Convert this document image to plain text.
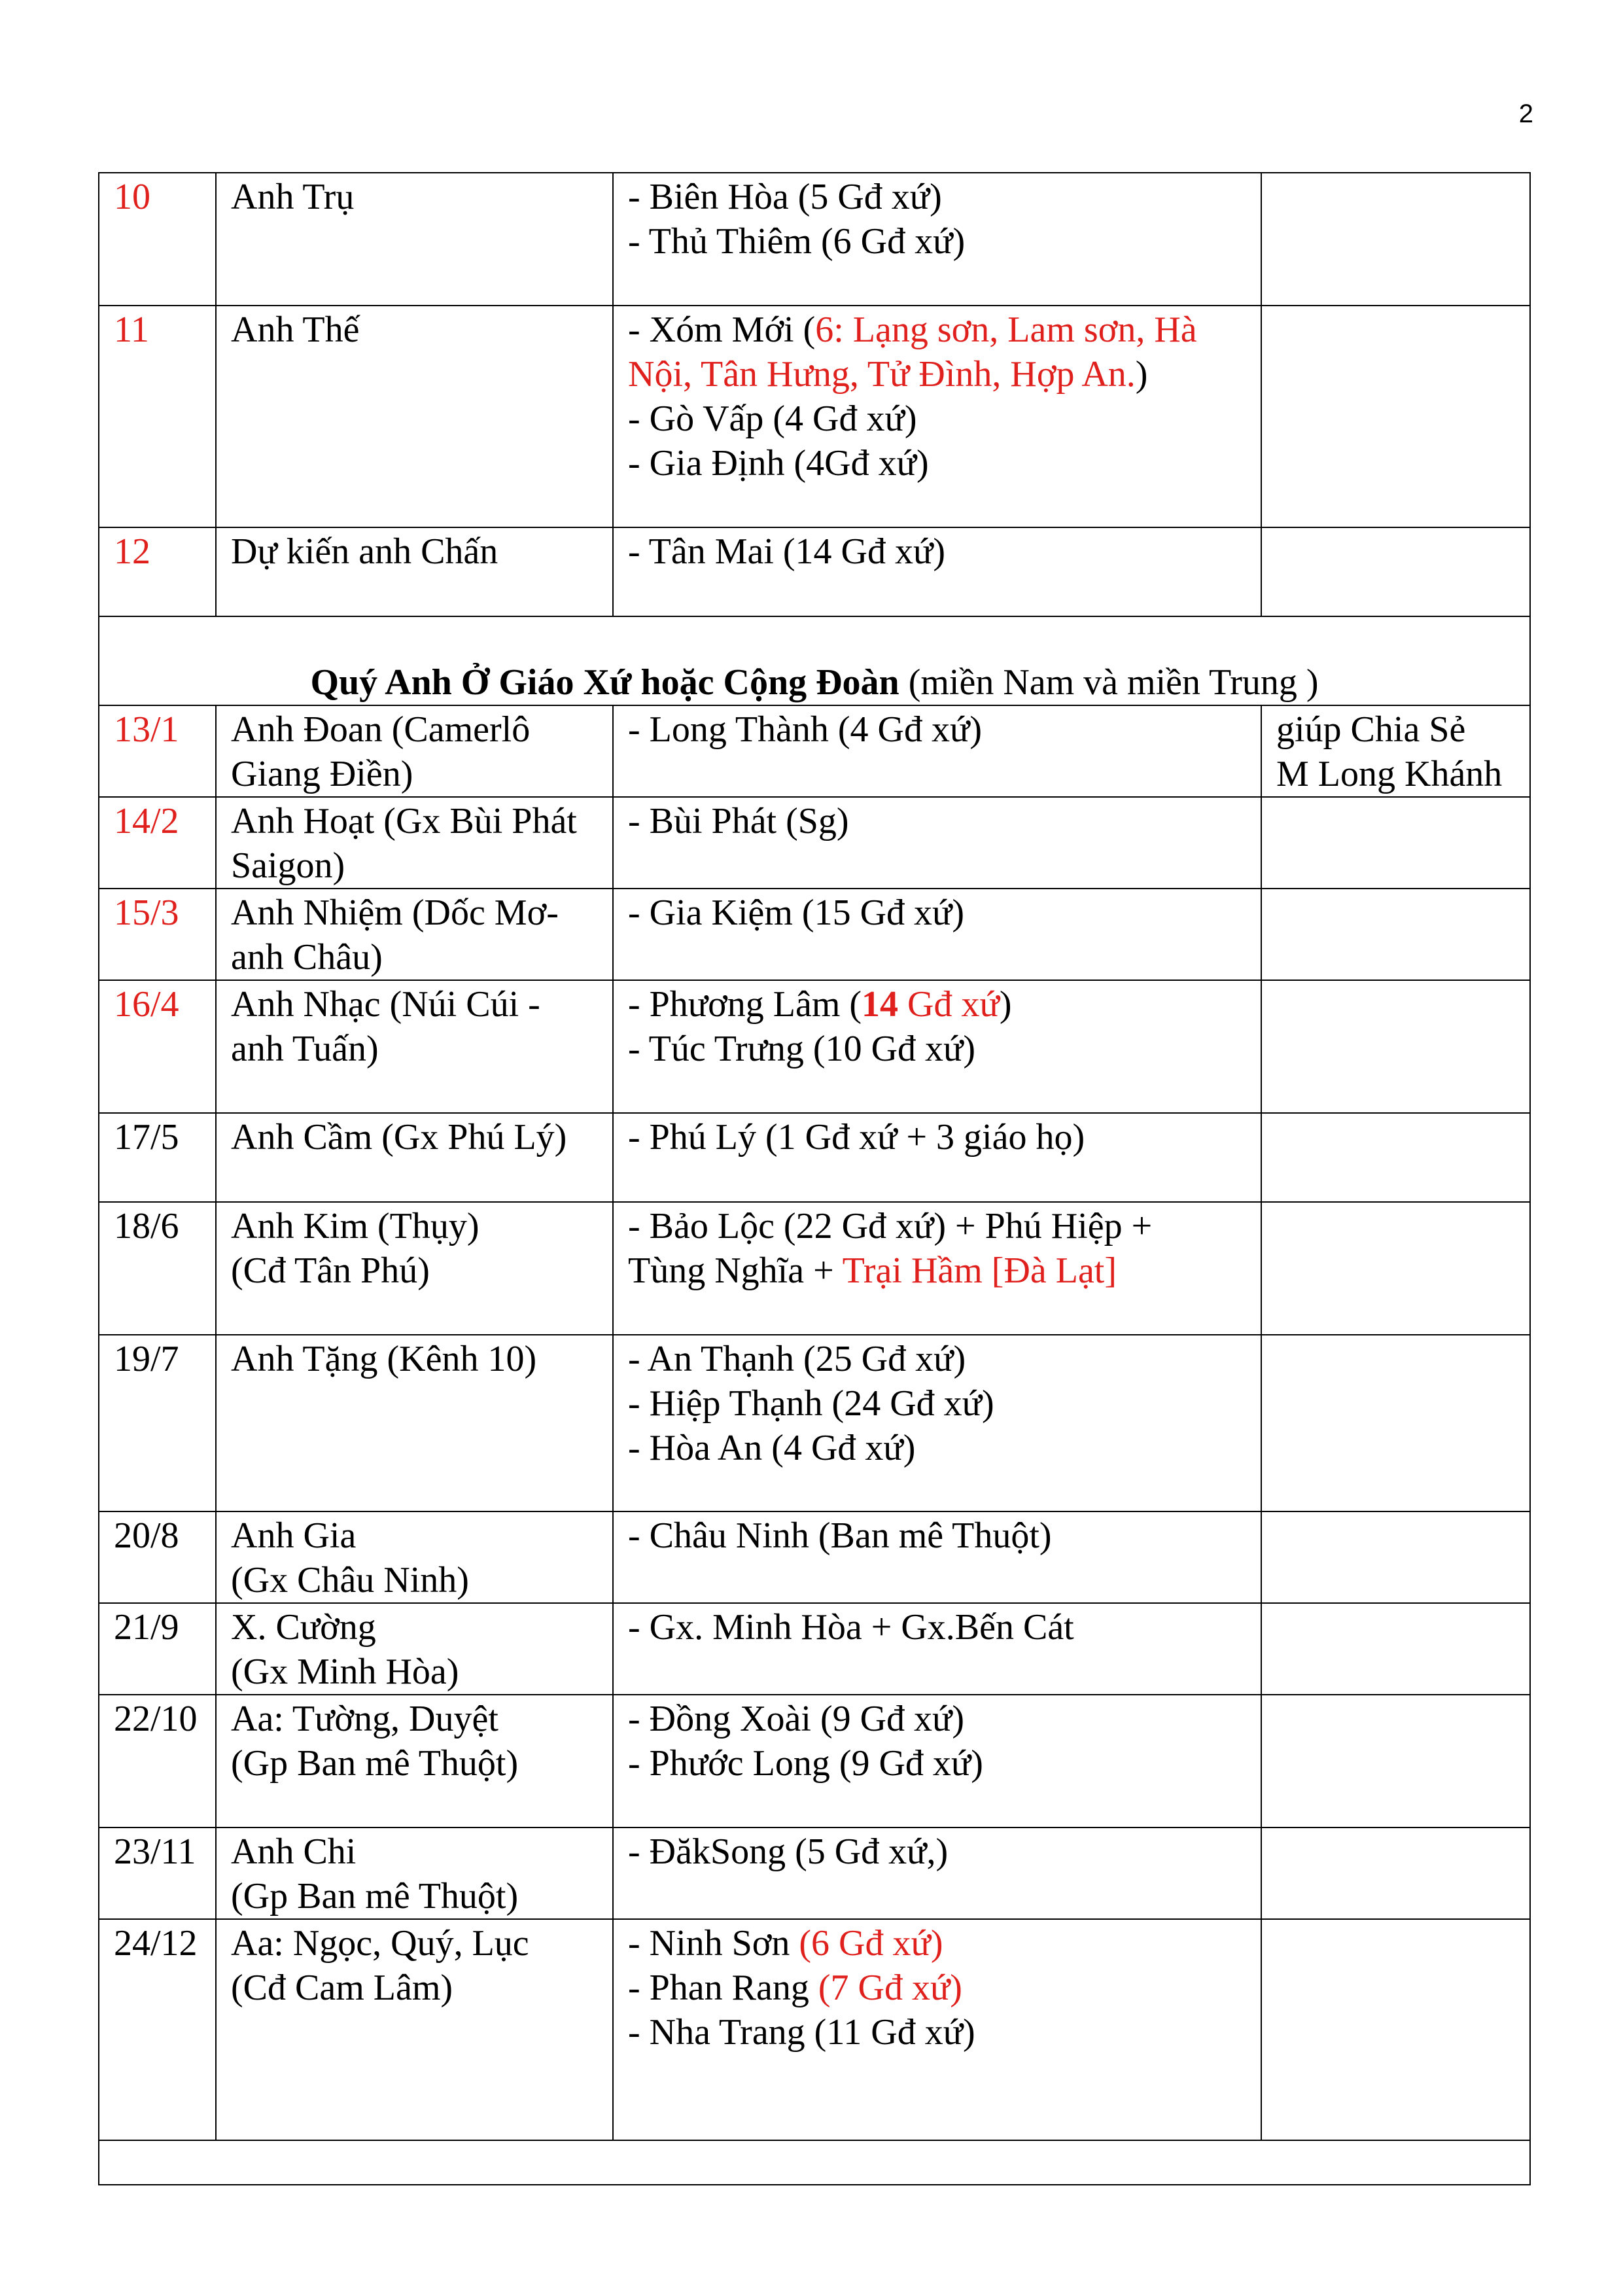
2
10	Anh Trụ	- Biên Hòa (5 Gđ xứ)
- Thủ Thiêm (6 Gđ xứ)	

11	Anh Thế	- Xóm Mới (6: Lạng sơn, Lam sơn, Hà
Nội, Tân Hưng, Tử Đình, Hợp An.)
- Gò Vấp (4 Gđ xứ)
- Gia Định (4Gđ xứ)	

12	Dự kiến anh Chấn	- Tân Mai (14 Gđ xứ)	

Quý Anh Ở Giáo Xứ hoặc Cộng Đoàn (miền Nam và miền Trung )			
13/1	Anh Đoan (Camerlô
Giang Điền)	- Long Thành (4 Gđ xứ)	giúp Chia Sẻ
M Long Khánh

14/2	Anh Hoạt (Gx Bùi Phát
Saigon)	- Bùi Phát (Sg)	

15/3	Anh Nhiệm (Dốc Mơ-
anh Châu)	- Gia Kiệm (15 Gđ xứ)	

16/4	Anh Nhạc (Núi Cúi -
anh Tuấn)	- Phương Lâm (14 Gđ xứ)
- Túc Trưng (10 Gđ xứ)	

17/5	Anh Cầm (Gx Phú Lý)	- Phú Lý (1 Gđ xứ + 3 giáo họ)	

18/6	Anh Kim (Thụy)
(Cđ Tân Phú)	- Bảo Lộc (22 Gđ xứ) + Phú Hiệp +
Tùng Nghĩa + Trại Hầm [Đà Lạt]	

19/7	Anh Tặng (Kênh 10)	- An Thạnh (25 Gđ xứ)
- Hiệp Thạnh (24 Gđ xứ)
- Hòa An (4 Gđ xứ)	

20/8	Anh Gia
(Gx Châu Ninh)	- Châu Ninh (Ban mê Thuột)	

21/9	X. Cường
(Gx Minh Hòa)	- Gx. Minh Hòa + Gx.Bến Cát	

22/10	Aa: Tường, Duyệt
(Gp Ban mê Thuột)	- Đồng Xoài (9 Gđ xứ)
- Phước Long (9 Gđ xứ)	

23/11	Anh Chi
(Gp Ban mê Thuột)	- ĐăkSong (5 Gđ xứ,)	

24/12	Aa: Ngọc, Quý, Lục
(Cđ Cam Lâm)	- Ninh Sơn (6 Gđ xứ)
- Phan Rang (7 Gđ xứ)
- Nha Trang (11 Gđ xứ)	
